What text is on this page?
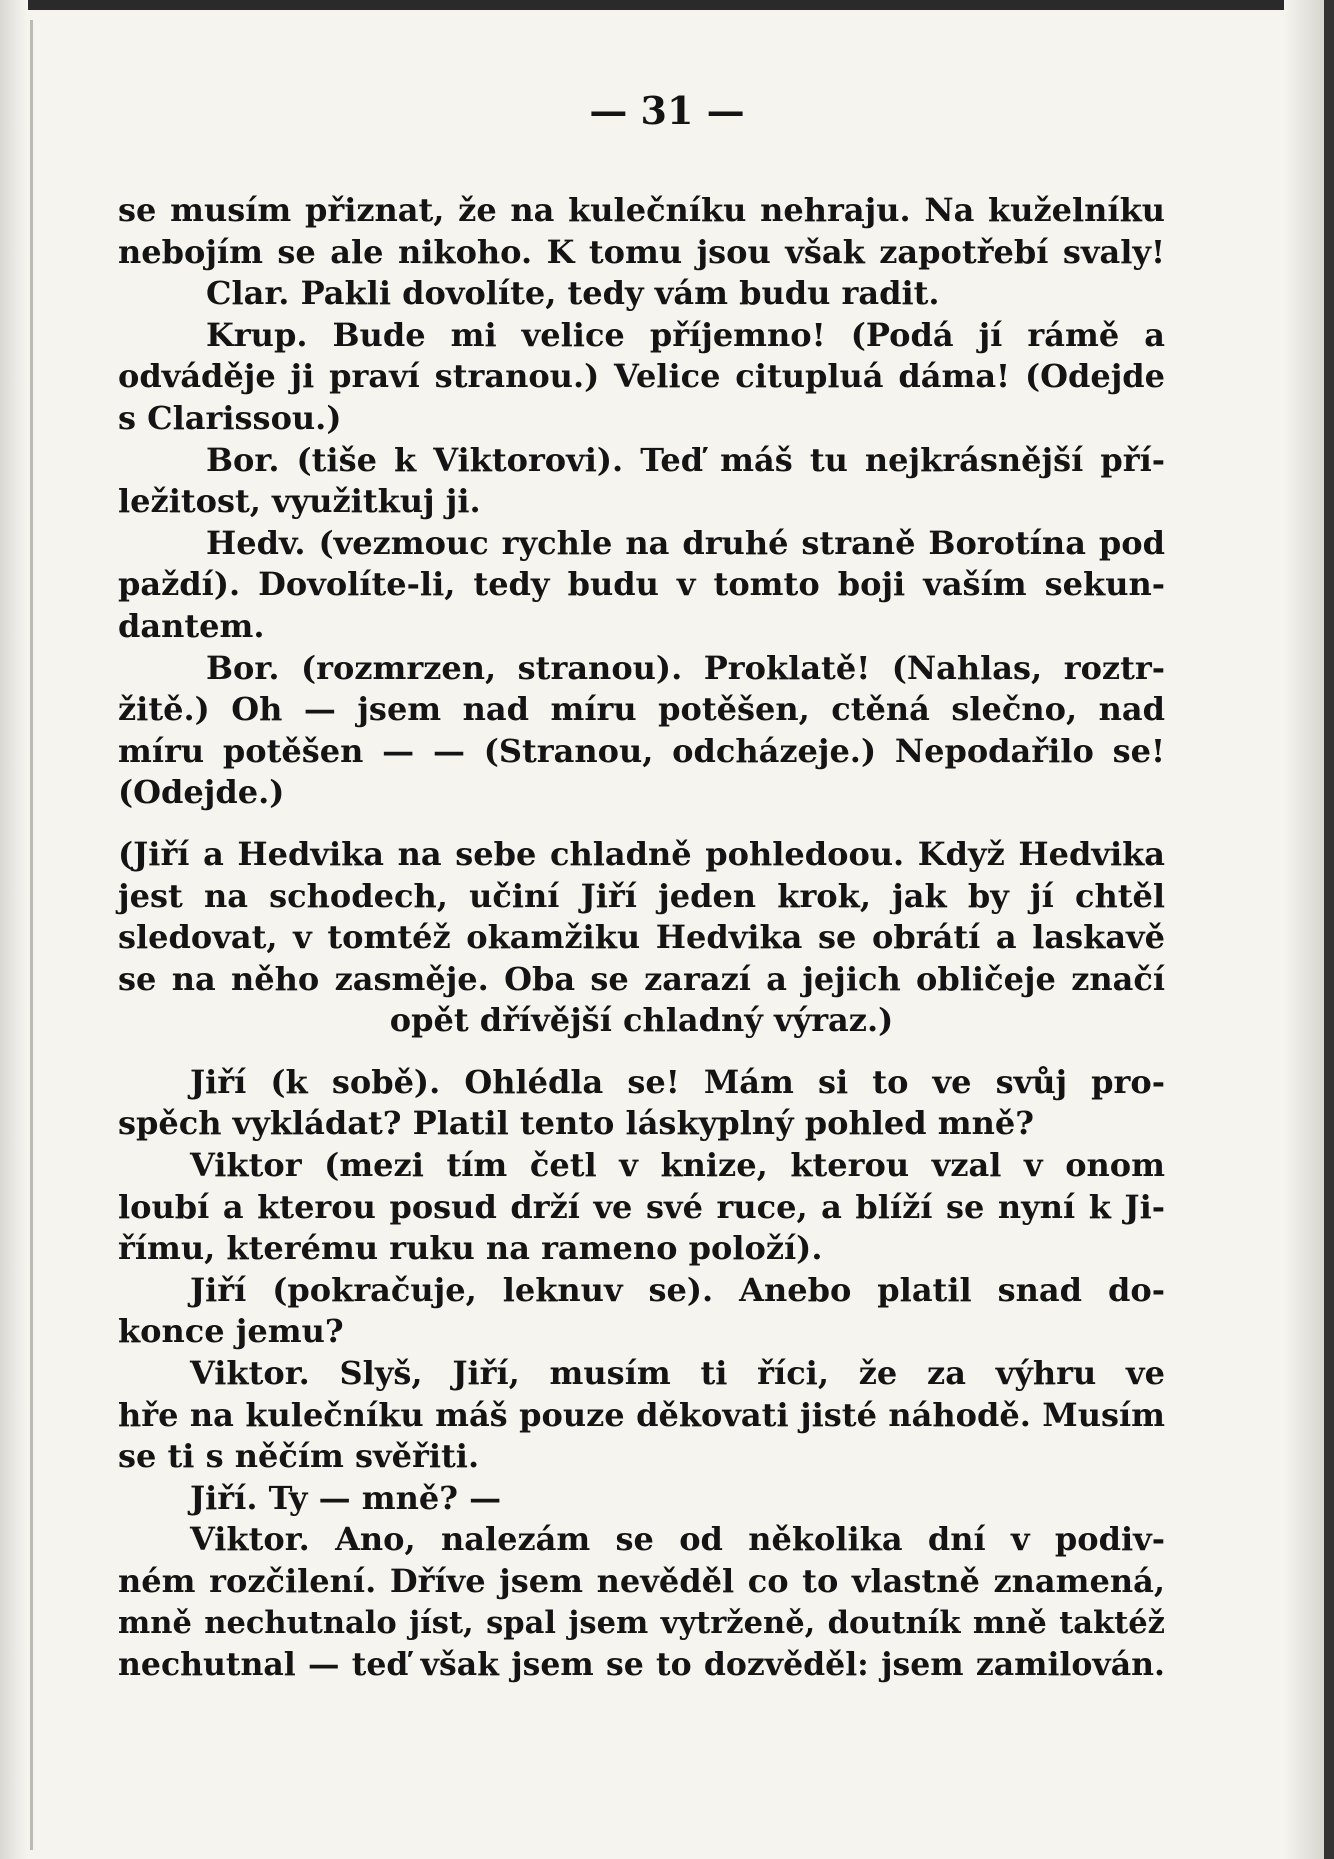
— 31 —
se musím přiznat, že na kulečníku nehraju. Na kuželníku
nebojím se ale nikoho. K tomu jsou však zapotřebí svaly!
Clar. Pakli dovolíte, tedy vám budu radit.
Krup. Bude mi velice příjemno! (Podá jí rámě a
odváděje ji praví stranou.) Velice citupluá dáma! (Odejde
s Clarissou.)
Bor. (tiše k Viktorovi). Teď máš tu nejkrásnější pří-
ležitost, využitkuj ji.
Hedv. (vezmouc rychle na druhé straně Borotína pod
paždí). Dovolíte-li, tedy budu v tomto boji vaším sekun-
dantem.
Bor. (rozmrzen, stranou). Proklatě! (Nahlas, roztr-
žitě.) Oh — jsem nad míru potěšen, ctěná slečno, nad
míru potěšen — — (Stranou, odcházeje.) Nepodařilo se!
(Odejde.)
(Jiří a Hedvika na sebe chladně pohledoou. Když Hedvika
jest na schodech, učiní Jiří jeden krok, jak by jí chtěl
sledovat, v tomtéž okamžiku Hedvika se obrátí a laskavě
se na něho zasměje. Oba se zarazí a jejich obličeje značí
opět dřívější chladný výraz.)
Jiří (k sobě). Ohlédla se! Mám si to ve svůj pro-
spěch vykládat? Platil tento láskyplný pohled mně?
Viktor (mezi tím četl v knize, kterou vzal v onom
loubí a kterou posud drží ve své ruce, a blíží se nyní k Ji-
římu, kterému ruku na rameno položí).
Jiří (pokračuje, leknuv se). Anebo platil snad do-
konce jemu?
Viktor. Slyš, Jiří, musím ti říci, že za výhru ve
hře na kulečníku máš pouze děkovati jisté náhodě. Musím
se ti s něčím svěřiti.
Jiří. Ty — mně? —
Viktor. Ano, nalezám se od několika dní v podiv-
ném rozčilení. Dříve jsem nevěděl co to vlastně znamená,
mně nechutnalo jíst, spal jsem vytrženě, doutník mně taktéž
nechutnal — teď však jsem se to dozvěděl: jsem zamilován.
